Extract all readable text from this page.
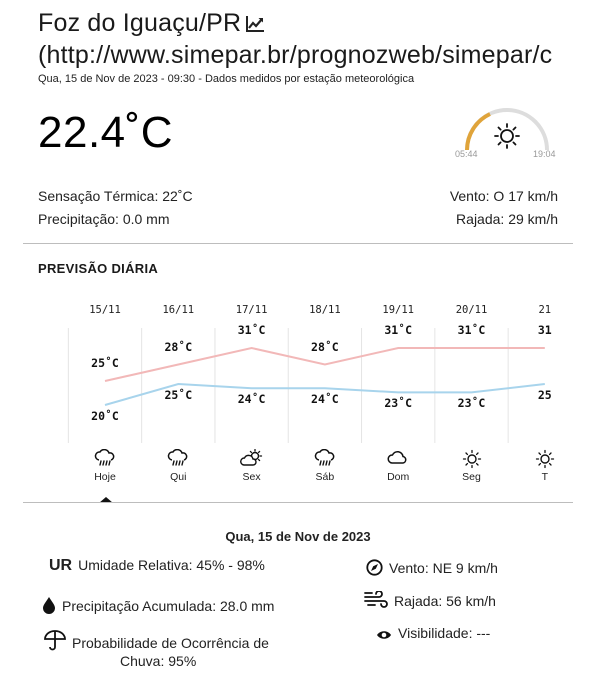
Foz do Iguaçu/PR
(http://www.simepar.br/prognozweb/simepar/c
Qua, 15 de Nov de 2023 - 09:30 - Dados medidos por estação meteorológica
22.4˚C	05:44	19:04
Sensação Térmica: 22˚C
Precipitação: 0.0 mm
Vento: O 17 km/h
Rajada: 29 km/h
PREVISÃO DIÁRIA
15/11
25˚C
20˚C
Hoje
16/11
28˚C
25˚C
Qui
17/11
31˚C
24˚C
Sex
18/11
28˚C
24˚C
Sáb
19/11
31˚C
23˚C
Dom
20/11
31˚C
23˚C
Seg
21
31
25
T
Qua, 15 de Nov de 2023
UR Umidade Relativa: 45% - 98%
Precipitação Acumulada: 28.0 mm
Probabilidade de Ocorrência de
Chuva: 95%
Vento: NE 9 km/h
Rajada: 56 km/h
Visibilidade: ---
